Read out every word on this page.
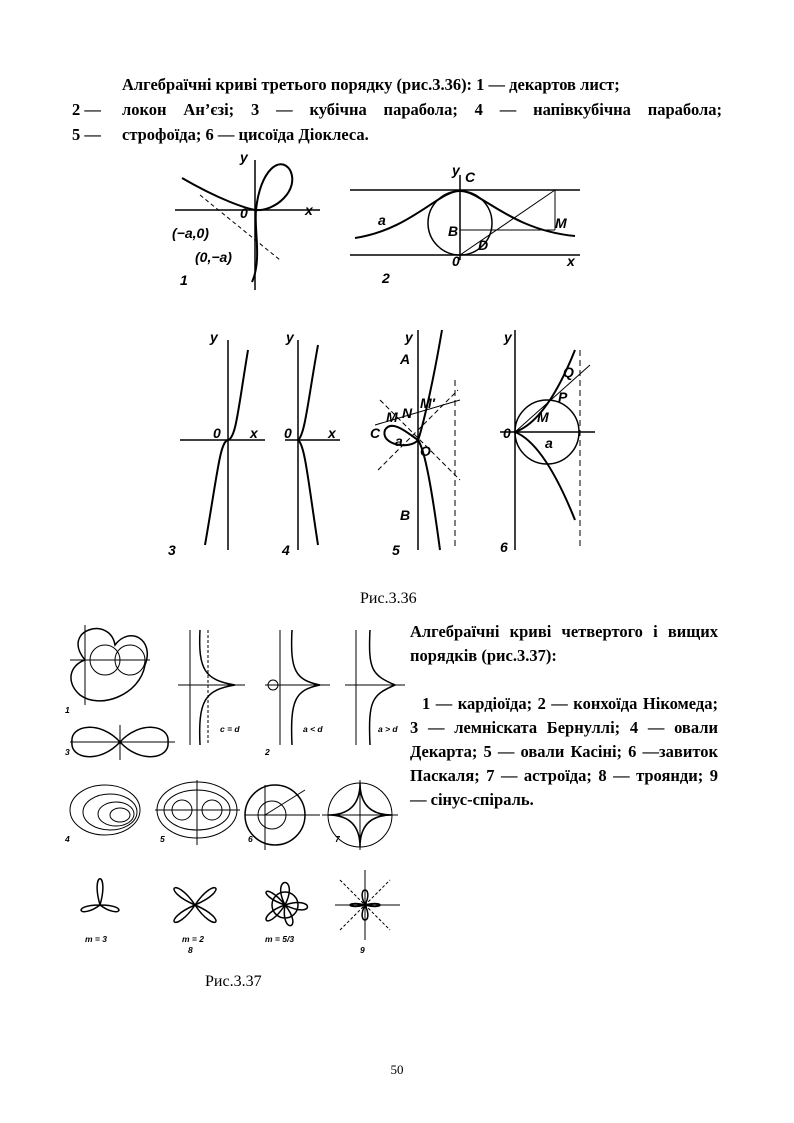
Алгебраїчні криві третього порядку (рис.3.36): 1 — декартов лист;
2 —	локон Ан’єзі; 3 — кубічна парабола; 4 — напівкубічна парабола;
5 —	строфоїда; 6 — цисоїда Діоклеса.
y
x
0
(−a,0)
(0,−a)
1
y C
a
B
D
M
0	x
2
y
0 x
3
y
0	x
4
y
A
M′
N
M
C a
O
B
5
y
Q
P
M
0
a
6
Рис.3.36
1
2
c = d	a < d	a > d
3
4	5	6	7
m = 3	m = 2
8
m = 5/3
9
Рис.3.37
Алгебраїчні криві четвертого і вищих порядків (рис.3.37):
1 — кардіоїда; 2 — конхоїда Нікомеда; 3 — лемніската Бернуллі; 4 — овали Декарта; 5 — овали Касіні; 6 —завиток Паскаля; 7 — астроїда; 8 — троянди; 9 — сінус-спіраль.
50
